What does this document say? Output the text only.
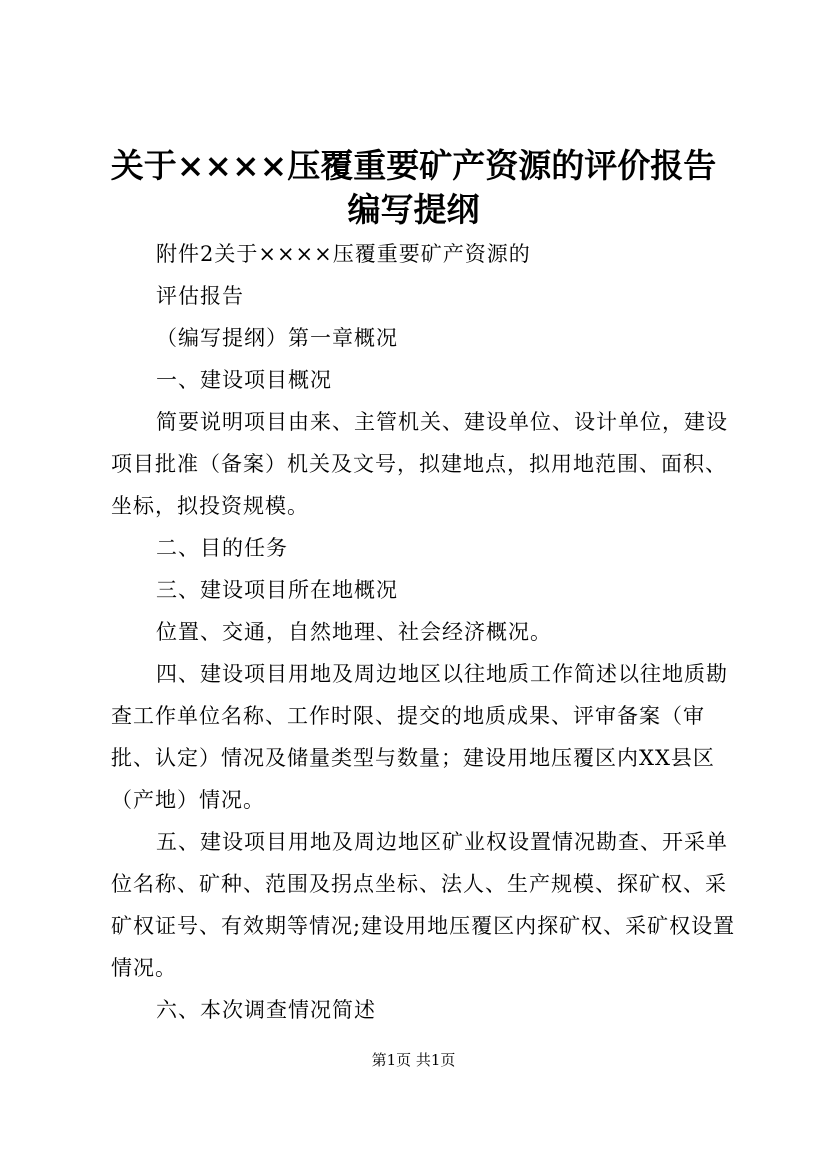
关于××××压覆重要矿产资源的评价报告编写提纲

附件2关于××××压覆重要矿产资源的

评估报告

（编写提纲）第一章概况

一、建设项目概况

简要说明项目由来、主管机关、建设单位、设计单位，建设项目批准（备案）机关及文号，拟建地点，拟用地范围、面积、坐标，拟投资规模。

二、目的任务

三、建设项目所在地概况

位置、交通，自然地理、社会经济概况。

四、建设项目用地及周边地区以往地质工作简述以往地质勘查工作单位名称、工作时限、提交的地质成果、评审备案（审批、认定）情况及储量类型与数量；建设用地压覆区内XX县区（产地）情况。

五、建设项目用地及周边地区矿业权设置情况勘查、开采单位名称、矿种、范围及拐点坐标、法人、生产规模、探矿权、采矿权证号、有效期等情况;建设用地压覆区内探矿权、采矿权设置情况。

六、本次调查情况简述

第1页 共1页
